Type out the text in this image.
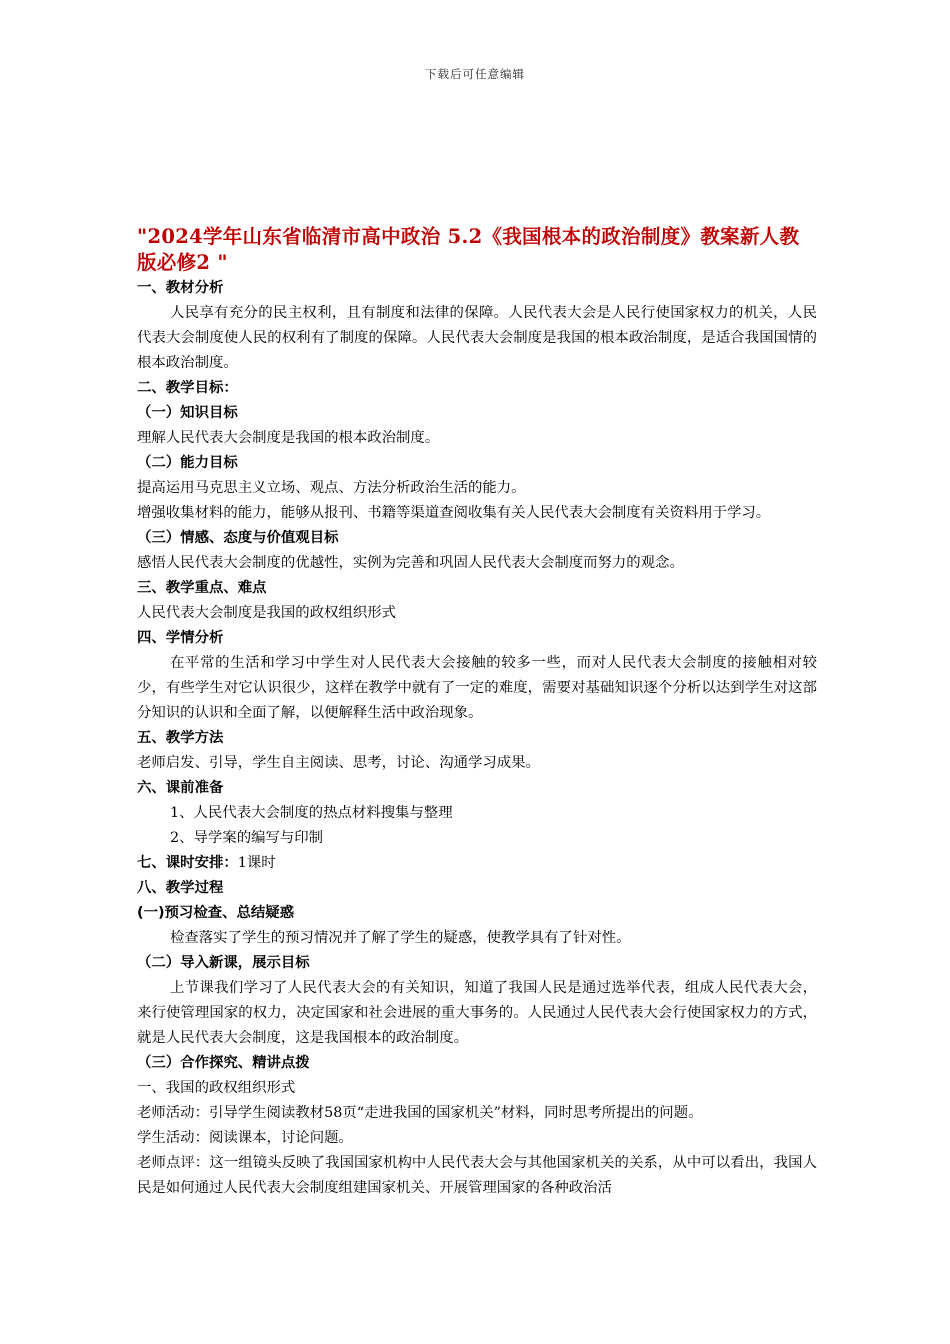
下载后可任意编辑

"2024学年山东省临清市高中政治 5.2《我国根本的政治制度》教案新人教版必修2 "

一、教材分析

人民享有充分的民主权利，且有制度和法律的保障。人民代表大会是人民行使国家权力的机关，人民代表大会制度使人民的权利有了制度的保障。人民代表大会制度是我国的根本政治制度，是适合我国国情的根本政治制度。

二、教学目标：

（一）知识目标

理解人民代表大会制度是我国的根本政治制度。

（二）能力目标

提高运用马克思主义立场、观点、方法分析政治生活的能力。

增强收集材料的能力，能够从报刊、书籍等渠道查阅收集有关人民代表大会制度有关资料用于学习。

（三）情感、态度与价值观目标

感悟人民代表大会制度的优越性，实例为完善和巩固人民代表大会制度而努力的观念。

三、教学重点、难点

人民代表大会制度是我国的政权组织形式

四、学情分析

在平常的生活和学习中学生对人民代表大会接触的较多一些，而对人民代表大会制度的接触相对较少，有些学生对它认识很少，这样在教学中就有了一定的难度，需要对基础知识逐个分析以达到学生对这部分知识的认识和全面了解，以便解释生活中政治现象。

五、教学方法

老师启发、引导，学生自主阅读、思考，讨论、沟通学习成果。

六、课前准备

1、人民代表大会制度的热点材料搜集与整理

2、导学案的编写与印制

七、课时安排：1课时

八、教学过程

(一)预习检查、总结疑惑

检查落实了学生的预习情况并了解了学生的疑惑，使教学具有了针对性。

（二）导入新课，展示目标

上节课我们学习了人民代表大会的有关知识，知道了我国人民是通过选举代表，组成人民代表大会，来行使管理国家的权力，决定国家和社会进展的重大事务的。人民通过人民代表大会行使国家权力的方式，就是人民代表大会制度，这是我国根本的政治制度。

（三）合作探究、精讲点拨

一、我国的政权组织形式

老师活动：引导学生阅读教材58页“走进我国的国家机关”材料，同时思考所提出的问题。

学生活动：阅读课本，讨论问题。

老师点评：这一组镜头反映了我国国家机构中人民代表大会与其他国家机关的关系，从中可以看出，我国人民是如何通过人民代表大会制度组建国家机关、开展管理国家的各种政治活
